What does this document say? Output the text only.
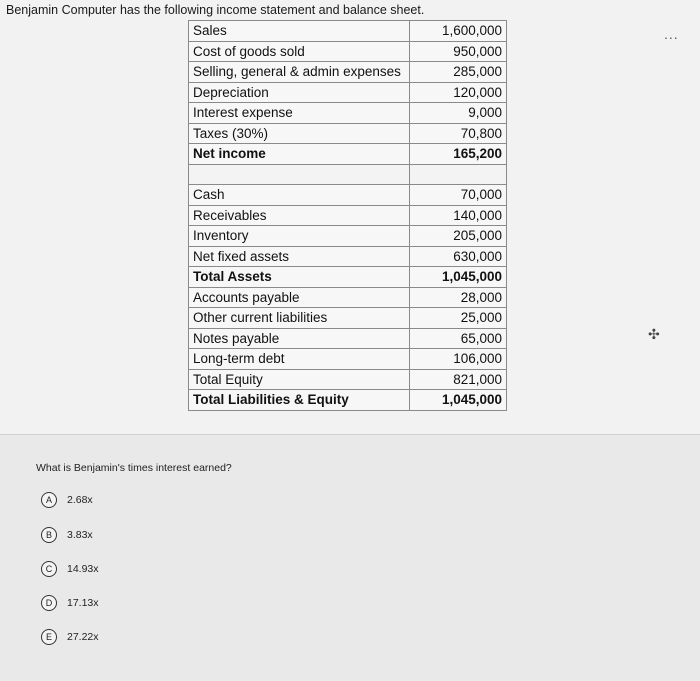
Benjamin Computer has the following income statement and balance sheet.
...
Sales	1,600,000
Cost of goods sold	950,000
Selling, general & admin expenses	285,000
Depreciation	120,000
Interest expense	9,000
Taxes (30%)	70,800
Net income	165,200

Cash	70,000
Receivables	140,000
Inventory	205,000
Net fixed assets	630,000
Total Assets	1,045,000
Accounts payable	28,000
Other current liabilities	25,000
Notes payable	65,000
Long-term debt	106,000
Total Equity	821,000
Total Liabilities & Equity	1,045,000
✣
What is Benjamin's times interest earned?
A	2.68x
B	3.83x
C	14.93x
D	17.13x
E	27.22x
